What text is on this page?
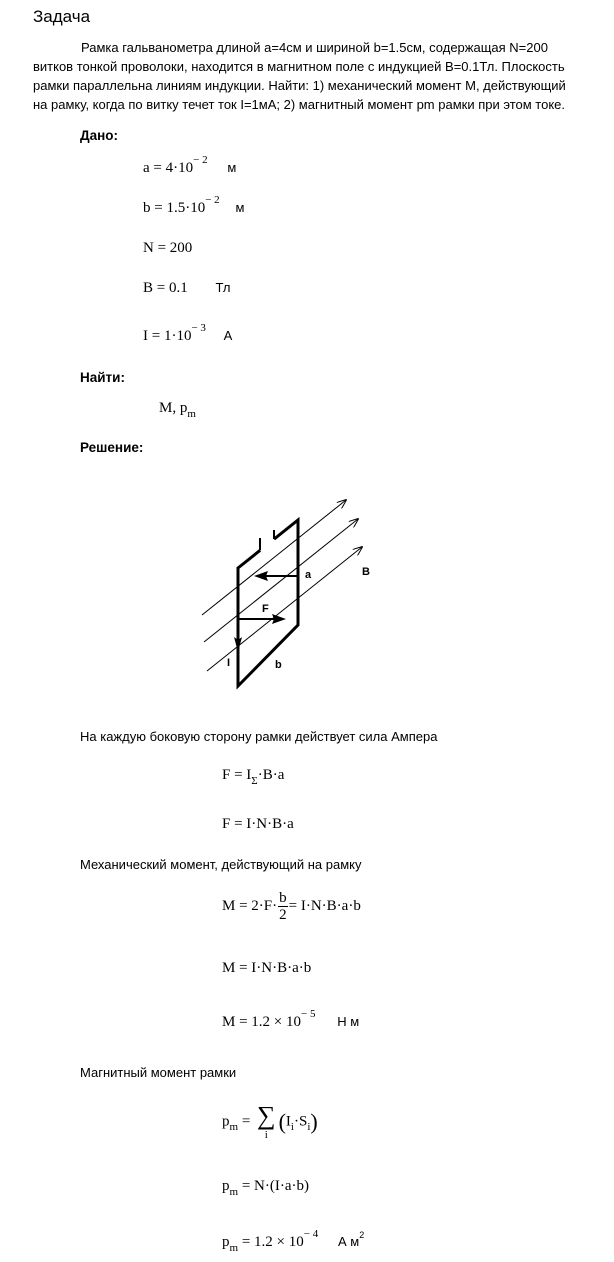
Задача
Рамка гальванометра длиной a=4см и шириной b=1.5см, содержащая N=200
витков тонкой проволоки, находится в магнитном поле с индукцией B=0.1Тл. Плоскость
рамки параллельна линиям индукции. Найти: 1) механический момент M, действующий
на рамку, когда по витку течет ток I=1мА; 2) магнитный момент pm рамки при этом токе.
Дано:
$a = 4\cdot 10^{- 2}$ м
$b = 1.5\cdot 10^{- 2}$ м
N = 200
B = 0.1 Тл
$I = 1\cdot 10^{- 3}$ А
Найти:
M, $p_m$
Решение:
a	B
F
I	b
На каждую боковую сторону рамки действует сила Ампера
$F = I_\Sigma\cdot B\cdot a$
F = I·N·B·a
Механический момент, действующий на рамку
$M = 2\cdot F\cdot \frac{b}{2} = I\cdot N\cdot B\cdot a\cdot b$
M = I·N·B·a·b
$M = 1.2 \times 10^{- 5}$ Н м
Магнитный момент рамки
$p_m$ = ∑
i
$(I_i\cdot S_i)$
$p_m = N\cdot(I\cdot a\cdot b)$
$p_m = 1.2 \times 10^{- 4}$ А $м^2$
